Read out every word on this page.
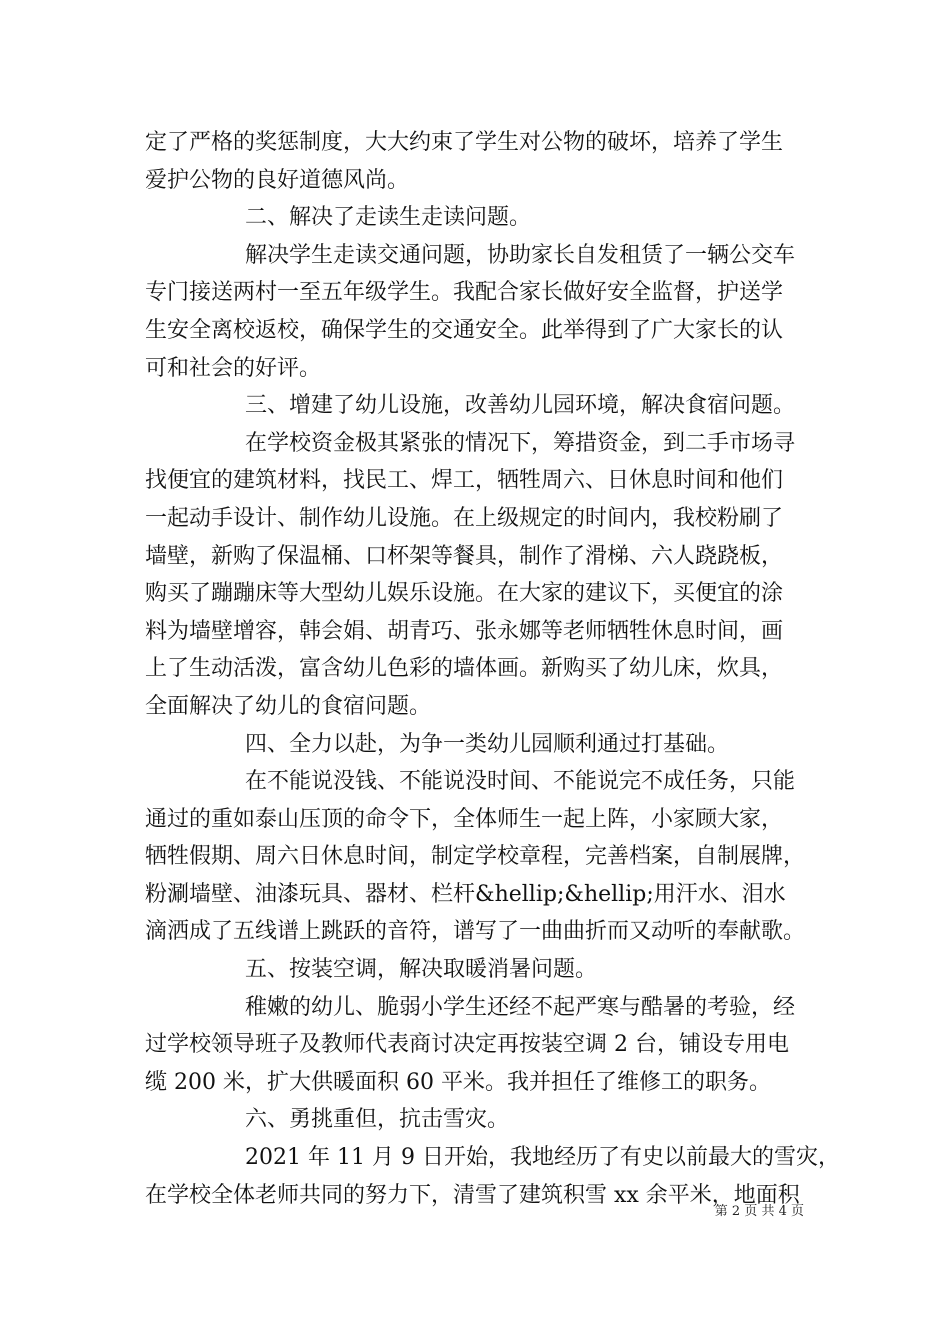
定了严格的奖惩制度，大大约束了学生对公物的破坏，培养了学生
爱护公物的良好道德风尚。
二、解决了走读生走读问题。
解决学生走读交通问题，协助家长自发租赁了一辆公交车
专门接送两村一至五年级学生。我配合家长做好安全监督，护送学
生安全离校返校，确保学生的交通安全。此举得到了广大家长的认
可和社会的好评。
三、增建了幼儿设施，改善幼儿园环境，解决食宿问题。
在学校资金极其紧张的情况下，筹措资金，到二手市场寻
找便宜的建筑材料，找民工、焊工，牺牲周六、日休息时间和他们
一起动手设计、制作幼儿设施。在上级规定的时间内，我校粉刷了
墙壁，新购了保温桶、口杯架等餐具，制作了滑梯、六人跷跷板，
购买了蹦蹦床等大型幼儿娱乐设施。在大家的建议下，买便宜的涂
料为墙壁增容，韩会娟、胡青巧、张永娜等老师牺牲休息时间，画
上了生动活泼，富含幼儿色彩的墙体画。新购买了幼儿床，炊具，
全面解决了幼儿的食宿问题。
四、全力以赴，为争一类幼儿园顺利通过打基础。
在不能说没钱、不能说没时间、不能说完不成任务，只能
通过的重如泰山压顶的命令下，全体师生一起上阵，小家顾大家，
牺牲假期、周六日休息时间，制定学校章程，完善档案，自制展牌，
粉涮墙壁、油漆玩具、器材、栏杆&hellip;&hellip;用汗水、泪水
滴洒成了五线谱上跳跃的音符，谱写了一曲曲折而又动听的奉献歌。
五、按装空调，解决取暖消暑问题。
稚嫩的幼儿、脆弱小学生还经不起严寒与酷暑的考验，经
过学校领导班子及教师代表商讨决定再按装空调 2 台，铺设专用电
缆 200 米，扩大供暖面积 60 平米。我并担任了维修工的职务。
六、勇挑重但，抗击雪灾。
2021 年 11 月 9 日开始，我地经历了有史以前最大的雪灾，
在学校全体老师共同的努力下，清雪了建筑积雪 xx 余平米，地面积
第 2 页 共 4 页
